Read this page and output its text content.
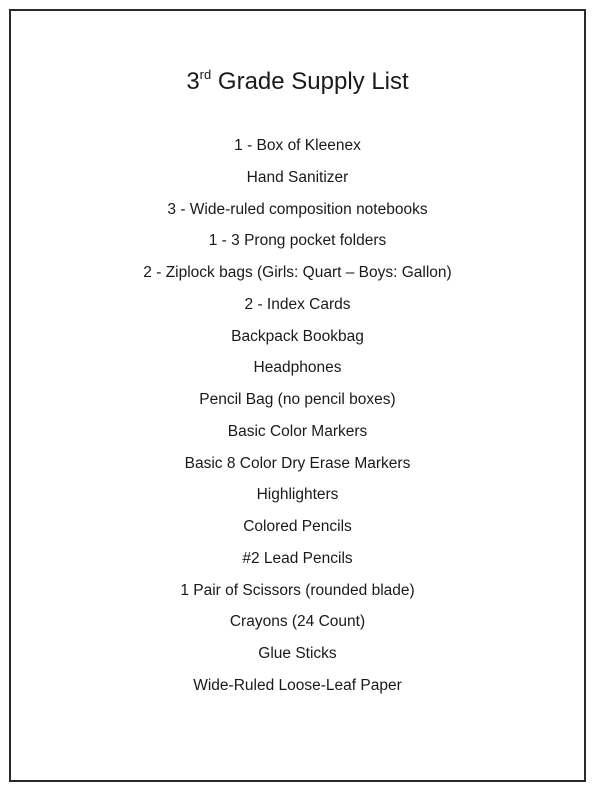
3rd Grade Supply List
1 - Box of Kleenex
Hand Sanitizer
3 - Wide-ruled composition notebooks
1 - 3 Prong pocket folders
2 - Ziplock bags (Girls: Quart – Boys: Gallon)
2 - Index Cards
Backpack Bookbag
Headphones
Pencil Bag (no pencil boxes)
Basic Color Markers
Basic 8 Color Dry Erase Markers
Highlighters
Colored Pencils
#2 Lead Pencils
1 Pair of Scissors (rounded blade)
Crayons (24 Count)
Glue Sticks
Wide-Ruled Loose-Leaf Paper
